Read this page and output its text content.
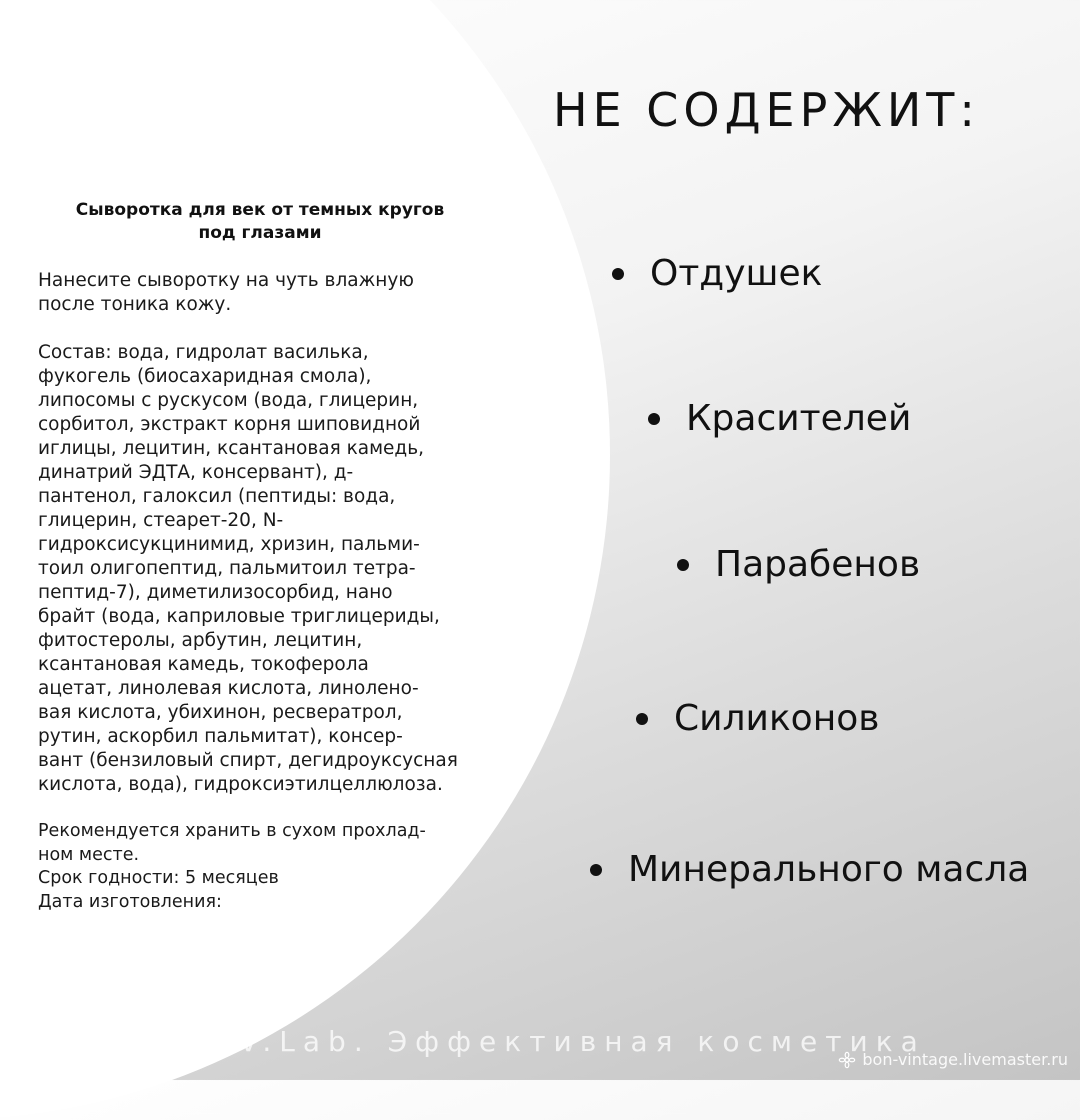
Сыворотка для век от темных кругов
под глазами
Нанесите сыворотку на чуть влажную
после тоника кожу.
Состав: вода, гидролат василька,
фукогель (биосахаридная смола),
липосомы с рускусом (вода, глицерин,
сорбитол, экстракт корня шиповидной
иглицы, лецитин, ксантановая камедь,
динатрий ЭДТА, консервант), д-
пантенол, галоксил (пептиды: вода,
глицерин, стеарет-20, N-
гидроксисукцинимид, хризин, пальми-
тоил олигопептид, пальмитоил тетра-
пептид-7), диметилизосорбид, нано
брайт (вода, каприловые триглицериды,
фитостеролы, арбутин, лецитин,
ксантановая камедь, токоферола
ацетат, линолевая кислота, линолено-
вая кислота, убихинон, ресвератрол,
рутин, аскорбил пальмитат), консер-
вант (бензиловый спирт, дегидроуксусная
кислота, вода), гидроксиэтилцеллюлоза.
Рекомендуется хранить в сухом прохлад-
ном месте.
Срок годности: 5 месяцев
Дата изготовления:
НЕ СОДЕРЖИТ:
Отдушек
Красителей
Парабенов
Силиконов
Минерального масла
v.Lab. Эффективная косметика
bon-vintage.livemaster.ru
